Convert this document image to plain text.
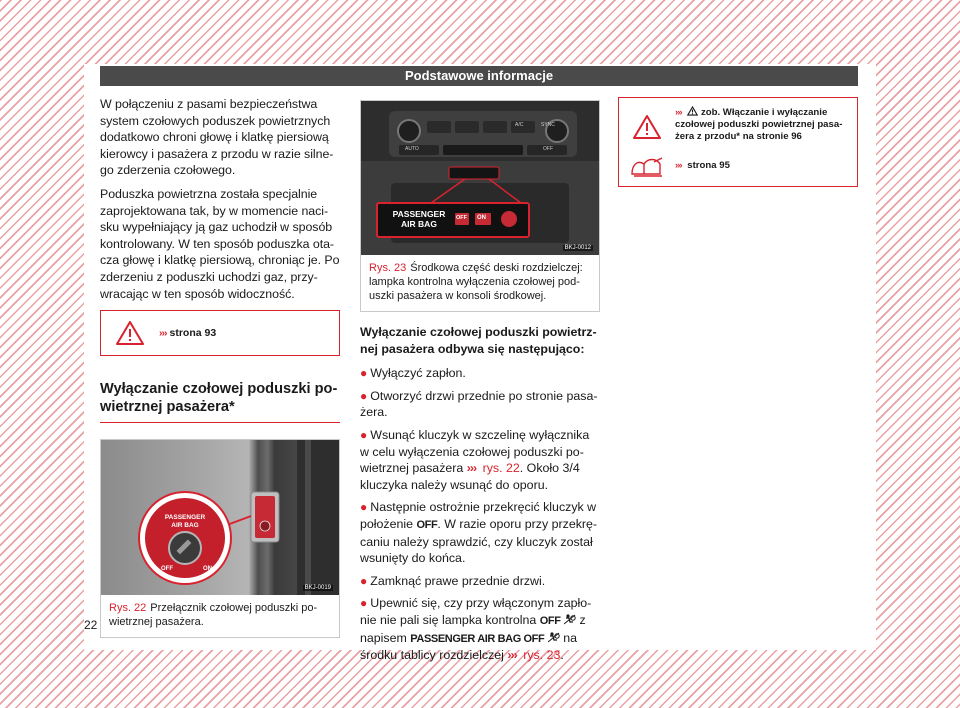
Podstawowe informacje

W połączeniu z pasami bezpieczeństwa system czołowych poduszek powietrznych dodatkowo chroni głowę i klatkę piersiową kierowcy i pasażera z przodu w razie silne-go zderzenia czołowego.

Poduszka powietrzna została specjalnie zaprojektowana tak, by w momencie naci-sku wypełniający ją gaz uchodził w sposób kontrolowany. W ten sposób poduszka ota-cza głowę i klatkę piersiową, chroniąc je. Po zderzeniu z poduszki uchodzi gaz, przy-wracając w ten sposób widoczność.

››› strona 93
Wyłączanie czołowej poduszki po-wietrznej pasażera*
PASSENGER
AIR BAG
OFF	ON
BKJ-0019
Rys. 22 Przełącznik czołowej poduszki po-wietrznej pasażera.
AUTO
A/C	SYNC
OFF
PASSENGER
AIR BAG
OFF ON
BKJ-0012
Rys. 23 Środkowa część deski rozdzielczej: lampka kontrolna wyłączenia czołowej pod-uszki pasażera w konsoli środkowej.
Wyłączanie czołowej poduszki powietrz-nej pasażera odbywa się następująco:
● Wyłączyć zapłon.
● Otworzyć drzwi przednie po stronie pasa-żera.
● Wsunąć kluczyk w szczelinę wyłącznika w celu wyłączenia czołowej poduszki po-wietrznej pasażera ››› rys. 22. Około 3/4 kluczyka należy wsunąć do oporu.
● Następnie ostrożnie przekręcić kluczyk w położenie OFF. W razie oporu przy przekrę-caniu należy sprawdzić, czy kluczyk został wsunięty do końca.
● Zamknąć prawe przednie drzwi.
● Upewnić się, czy przy włączonym zapło-nie nie pali się lampka kontrolna OFF z napisem PASSENGER AIR BAG OFF na środku tablicy rozdzielczej ››› rys. 23.
››› zob. Włączanie i wyłączanie czołowej poduszki powietrznej pasa-żera z przodu* na stronie 96
››› strona 95
22
